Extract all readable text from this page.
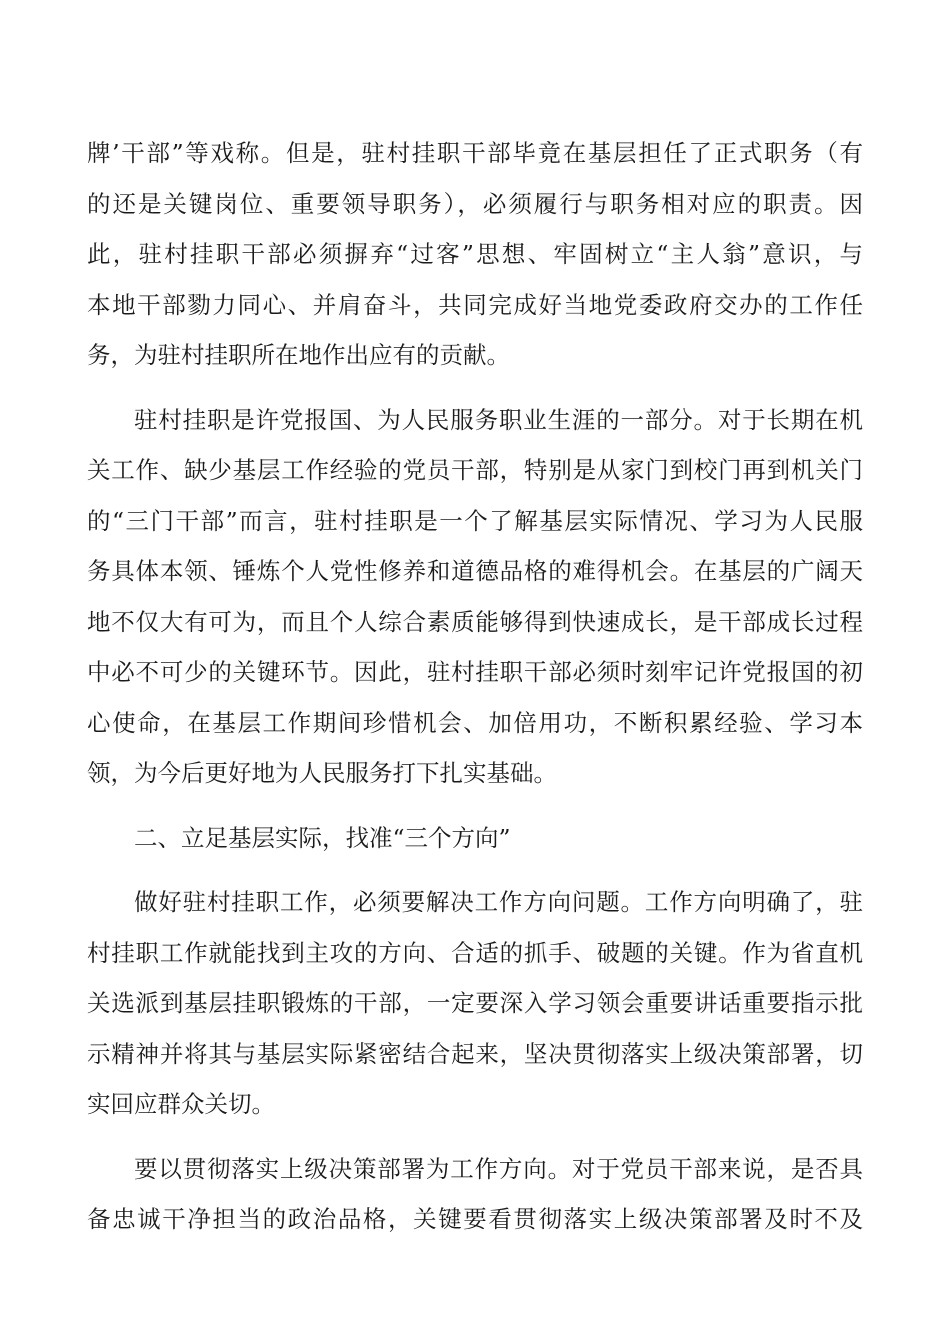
牌’干部”等戏称。但是，驻村挂职干部毕竟在基层担任了正式职务（有
的还是关键岗位、重要领导职务），必须履行与职务相对应的职责。因
此，驻村挂职干部必须摒弃“过客”思想、牢固树立“主人翁”意识，与
本地干部勠力同心、并肩奋斗，共同完成好当地党委政府交办的工作任
务，为驻村挂职所在地作出应有的贡献。
驻村挂职是许党报国、为人民服务职业生涯的一部分。对于长期在机
关工作、缺少基层工作经验的党员干部，特别是从家门到校门再到机关门
的“三门干部”而言，驻村挂职是一个了解基层实际情况、学习为人民服
务具体本领、锤炼个人党性修养和道德品格的难得机会。在基层的广阔天
地不仅大有可为，而且个人综合素质能够得到快速成长，是干部成长过程
中必不可少的关键环节。因此，驻村挂职干部必须时刻牢记许党报国的初
心使命，在基层工作期间珍惜机会、加倍用功，不断积累经验、学习本
领，为今后更好地为人民服务打下扎实基础。
二、立足基层实际，找准“三个方向”
做好驻村挂职工作，必须要解决工作方向问题。工作方向明确了，驻
村挂职工作就能找到主攻的方向、合适的抓手、破题的关键。作为省直机
关选派到基层挂职锻炼的干部，一定要深入学习领会重要讲话重要指示批
示精神并将其与基层实际紧密结合起来，坚决贯彻落实上级决策部署，切
实回应群众关切。
要以贯彻落实上级决策部署为工作方向。对于党员干部来说，是否具
备忠诚干净担当的政治品格，关键要看贯彻落实上级决策部署及时不及
